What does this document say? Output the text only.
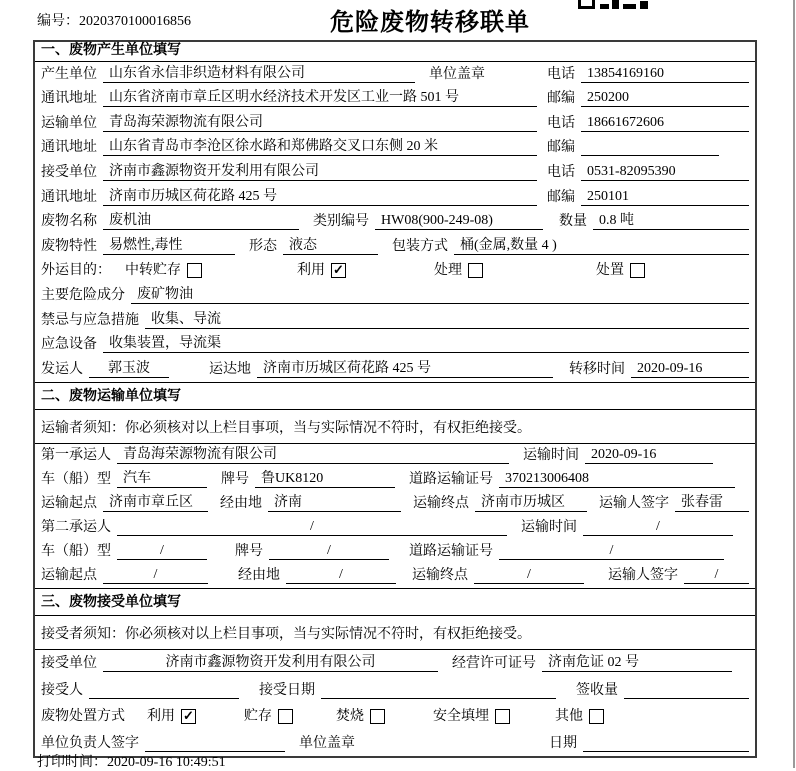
编号：2020370100016856	危险废物转移联单
一、废物产生单位填写
产生单位 山东省永信非织造材料有限公司	单位盖章	电话 13854169160
通讯地址 山东省济南市章丘区明水经济技术开发区工业一路 501 号	邮编 250200
运输单位 青岛海荣源物流有限公司	电话 18661672606
通讯地址 山东省青岛市李沧区徐水路和郑佛路交叉口东侧 20 米	邮编
接受单位 济南市鑫源物资开发利用有限公司	电话 0531-82095390
通讯地址 济南市历城区荷花路 425 号	邮编 250101
废物名称 废机油	类别编号 HW08(900-249-08)	数量 0.8 吨
废物特性 易燃性,毒性	形态 液态	包装方式 桶(金属,数量 4 )
外运目的： 中转贮存	利用 ✓	处理	处置
主要危险成分 废矿物油
禁忌与应急措施 收集、导流
应急设备 收集装置，导流渠
发运人	郭玉波	运达地 济南市历城区荷花路 425 号	转移时间 2020-09-16
二、废物运输单位填写
运输者须知：你必须核对以上栏目事项，当与实际情况不符时，有权拒绝接受。
第一承运人 青岛海荣源物流有限公司	运输时间 2020-09-16
车（船）型 汽车	牌号 鲁UK8120	道路运输证号 370213006408
运输起点 济南市章丘区	经由地 济南	运输终点 济南市历城区	运输人签字 张春雷
第二承运人	/	运输时间	/
车（船）型	/	牌号	/	道路运输证号	/
运输起点	/	经由地	/	运输终点	/	运输人签字	/
三、废物接受单位填写
接受者须知：你必须核对以上栏目事项，当与实际情况不符时，有权拒绝接受。
接受单位	济南市鑫源物资开发利用有限公司	经营许可证号 济南危证 02 号
接受人	接受日期	签收量
废物处置方式 利用 ✓	贮存	焚烧	安全填埋	其他
单位负责人签字	单位盖章	日期
打印时间：2020-09-16 10:49:51
